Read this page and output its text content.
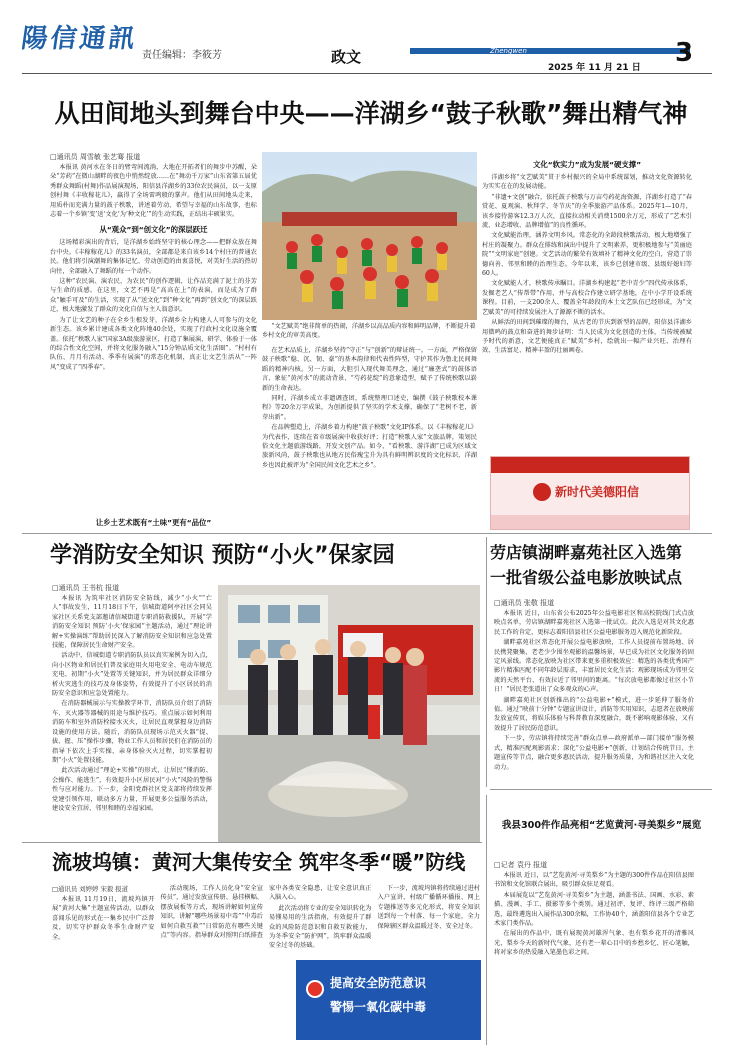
陽信通訊
责任编辑：李筱芳	政文	Zhengwen
2025 年 11 月 21 日 3
从田间地头到舞台中央——洋湖乡“鼓子秋歌”舞出精气神
□通讯员 周雪敏 张艺骞 报道

本报讯 黄河水在冬日的臂弯间流淌，大地在开拓者们的舞步中苏醒，朵朵“芳药”在微山湖畔的夜色中悄然绽放……在“舞动千万家”山东省第五届优秀群众舞蹈(村舞)作品展演现场，阳信县洋湖乡的33位农民演员，以一支原创村舞《丰收稼花儿》，赢得了全场雷鸣般的掌声。他们从田间地头走来，用质朴而充满力量的鼓子秩歌，讲述着劳动、希望与幸福的山东故事，也标志着一个乡镇‘变’送‘文化’为‘种文化’”的生动实践，正结出丰硕果实。

从“观众”到“创文化”的深层跃迁

这场精彩演出的背后，是洋湖乡始终坚守的核心理念——把群众放在舞台中央。《丰稼稼花儿》的33名演员，全部都是来自该乡14个村庄的普通农民。他们将引演潮舞的集体记忆、劳动创造的由衷喜悦，对美好生活的热切向往，全部融入了舞蹈的每一个动作。

这种“农民演、演农民、为农民”的创作逻辑，让作品充满了泥土的芬芳与生命的质感。在这里，文艺不再是“高高在上”的表演，而是成为了群众“触手可及”的生活，实现了从“送文化”到“种文化”再到“创文化”的深层跃迁，极大地激发了群众的文化自信与主人翁意识。

为了让文艺的种子在全乡生根发芽，洋湖乡全力构建人人可参与的文化新生态。该乡累计建成各类文化阵地40余处，实现了行政村文化设施全覆盖。依托“秩歌人家”国家3A级旅游景区，打造了集展演、研学、体验于一体的综合性文化空间，并将文化服务融入“15分钟品质文化生活圈”。“村村有队伍、月月有活动、季季有展演”的常态化机制，真正让文艺生活从“一阵风”变成了“四季春”。

让乡土艺术既有“土味”更有“品位”

“文艺赋美”绝非简单的热闹，洋湖乡以高品质内容和鲜明品牌，不断提升着乡村文化的审美高度。

在艺术品质上，洋湖乡坚持“守正”与“创新”的辩证统一。一方面，严格保留鼓子秧歌“稳、沉、韧、豪”的基本韵律和代表性阵型，守护其作为鲁北民间舞蹈的精神内核。另一方面，大胆引入现代舞美理念，通过“廉垄式”的鼓体语言、象征“黄河水”的流动背景、“芍药花绽”的意象造型，赋予了传统秧歌以崭新的生命表达。

同时，洋湖乡成立非遗调查团，系统整理口述史，编撰《鼓子秧歌校本课程》等20余万字成果，为创新提供了坚实的学术支撑，确保了“老树不老，新芽出新”。

在品牌塑造上，洋湖乡着力构建“鼓子秧歌”文化IP体系。以《丰稼稼花儿》为代表作，连续在省市级展演中收获好评；打造“秧歌人家”文旅品牌，策划民俗文化主题旅游线路，开发文创产品。如今，“看秧歌、游洋湖”已成为区域文旅新风尚，鼓子秧歌也从地方民俗瑰宝升为具有鲜明辨识度的文化标识，洋湖乡也因此被评为“全国民间文化艺术之乡”。

文化“软实力”成为发展“硬支撑”

洋湖乡将“文艺赋美”贯于乡村振兴的全局中系统谋划，推动文化资源转化为实实在在的发展动能。

“非遗+文创”融合，依托鼓子秧歌与万亩芍药花海资源，洋湖乡打造了“春赏花、夏观演、秋拜学、冬节庆”的全季旅游产品体系。2025年1—10月，该乡接待游客12.3万人次，直接拉动相关消费1500余万元，形成了“艺术引流、业态增收、品牌增值”的良性循环。

文化赋能治理，涵养文明乡风。常态化的全龄段秧歌活动，极大地增强了村庄的凝聚力。群众在排练和演出中提升了文明素养，更积极地参与“美丽庭院”“文明家庭”创建。文艺活动的繁荣有效填补了精神文化的空白，营造了崇德向善、邻里和睦的治理生态。今年以来，该乡已创建市级、县级好媳妇等60人。

文化赋能人才，秧歌传承瞩目。洋湖乡构建起“老中青少”四代传承体系，发掘老艺人“传帮带”作用，并与高校合作建立研学基地，在中小学开设系统课程。目前，一支200余人、覆盖全年龄段的本土文艺队伍已经形成，为“文艺赋美”的可持续发展注入了源源不断的活水。

从鲜活的田间到璀璨的舞台，从古老的节庆到新型的品牌，阳信县洋湖乡用微鸣的鼓点和奋进的舞步证明：当人民成为文化创造的主体，当传统被赋予时代的新意，文艺便能真正“赋美”乡村，绘就出一幅产业兴旺、治理有效、生活富足、精神丰盈的壮丽画卷。

新时代美德阳信
学消防安全知识 预防“小火”保家园
□通讯员 王书杭 报道

本报讯 为筑牢社区消防安全防线，减少“小火”“亡人”事故发生，11月18日下午，信城街道阿亭社区会同吴家社区关系党支部邀请信城街道专职消防救援队，开展“学消防安全知识 预防‘小火’保家园”主题活动，通过“理论讲解+实操演练”帮助居民深入了解消防安全知识和应急处置技能，保障居民生命财产安全。

活动中，信城街道专职消防队员以真实案例为切入点，向小区物业和居民们普及家庭用火用电安全、电动车规范充电、初期“小火”处置等关键知识，并为居民群众详细分析火灾逃生的技巧及身体姿势，有效提升了小区居民的消防安全意识和应急处置能力。

在消防器械展示与实操教学环节，消防队员介绍了消防车、灭火器等器械的用途与维护技巧。重点展示如何利用消防车和室外消防栓接水灭火，让居民直观掌握身边消防设施的使用方法。随后，消防队员现场示范灭火器“提、拔、握、压”操作步骤，物业工作人员和居民们在消防员的指导下依次上手实操，亲身体验灭火过程，切实掌握初期“小火”处置技能。

此次活动通过“理论+实操”的形式，让居民“懂消防、会操作、能逃生”，有效提升小区居民对“小火”风险的警惕性与应对能力。下一步，金阳党群社区党支部将持续发挥党建引领作用，联动多方力量，开展更多公益服务活动，建设安全宜居、邻里和睦的幸福家园。

劳店镇湖畔嘉苑社区入选第一批省级公益电影放映试点
□通讯员 张敬 报道

本报讯 近日，山东省公布2025年公益电影社区和高校院线门式点放映点名单，劳店镇湖畔嘉苑社区入选第一批试点。此次入选是对其文化惠民工作的肯定，更标志着阳信县社区公益电影服务迈入规范化新阶段。

湖畔嘉苑社区常态化开展公益电影放映，工作人员提前布置场地、居民携凳聚集，老老少少围坐观影的温馨场景，早已成为社区文化服务的固定风景线。常态化放映为社区带来更多重积极效应：精选的各类优秀国产影片精准匹配不同年龄层需求，丰富居民文化生活；观影现场成为邻里交流的天然平台，有效拉近了邻里间的距离。“每次放电影都像过社区小节日！”居民老张道出了众多观众的心声。

湖畔嘉苑社区创新推出的“公益电影+”模式，进一步延伸了服务价值。通过“映前十分钟”专题宣讲设计，消防等实用知识，志愿者在放映前发放宣传页，将娱乐体验与科普教育深度融合，既不影响观影体验，又有效提升了居民防范意识。

下一步，劳店镇将持续完善“群众点单—政府派单—部门接单”服务模式，精准匹配观影需求；深化“公益电影+”创新，计划结合传统节日、主题宣传等节点，融合更多惠民活动，提升服务质量，为和谐社区注入文化动力。

流坡坞镇：黄河大集传安全 筑牢冬季“暖”防线
□通讯员 刘婷婷 宋毅 报道

本报讯 11月19日，流坡坞镇开展“黄河大集”主题宣传活动，以群众喜闻乐见的形式在一集乡民中广泛普及，切实守护群众冬季生命财产安全。

活动现场，工作人员化身“安全宣传员”，通过发放宣传册、悬挂横幅、摆放展板等方式，现场讲解如何宣传知识，讲解“哪些场景易中毒”“中毒后如何自救互救”“日常防范有哪些关键点”等内容。指导群众对照明白纸排查家中各类安全隐患，让安全意识真正入脑入心。

此次活动将专业的安全知识转化为易懂易用的生活指南，有效提升了群众的风险防范意识和自救互救能力，为冬季安全“防护网”，筑牢群众温暖安全过冬的基础。

下一步，流坡坞镇将持续通过进村入户宣讲、村级广播循环播报、网上专题推送等多元化形式，将安全知识送到每一个村落、每一个家庭，全力保障辖区群众温暖过冬、安全过冬。

提高安全防范意识
警惕一氧化碳中毒
我县300件作品亮相“艺览黄河·寻美梨乡”展览
□记者 袁丹 报道

本报讯 近日，以“艺览黄河·寻美梨乡”为主题的300件作品在阳信县图书馆和文化馆联合展出，吸引群众驻足观看。

本届展览以“艺览黄河·寻美梨乡”为主题，涵盖书法、国画、水彩、素描、漫画、手工、摄影等多个类别。通过初评、复评、终评三级严格筛选，最终遴选出入展作品300余幅，工作协40个，涵盖阳信县各个专业艺术家门类作品。

在展出的作品中，既有展现黄河雄浑气象、也有梨乡花开的清雅风光，梨乡今天的新时代气象，还有老一辈心目中的乡愁乡忆、匠心笔触，将对家乡的热爱融入笔墨色彩之间。
